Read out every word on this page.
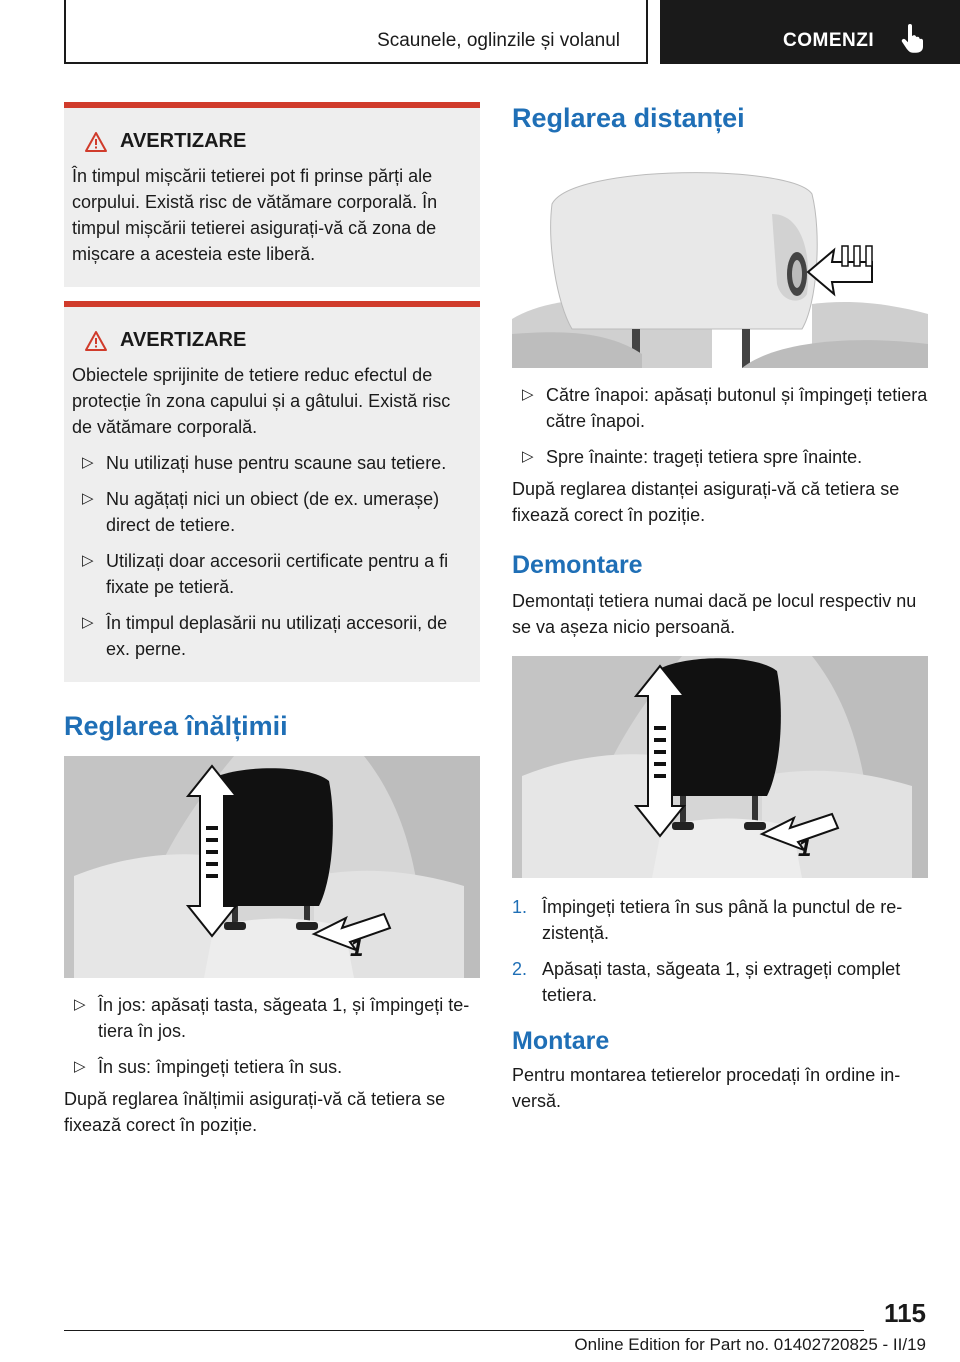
Scaunele, oglinzile și volanul	COMENZI
AVERTIZARE

În timpul mișcării tetierei pot fi prinse părți ale corpului. Există risc de vătămare corporală. În timpul mișcării tetierei asigurați-vă că zona de mișcare a acesteia este liberă.

AVERTIZARE

Obiectele sprijinite de tetiere reduc efectul de protecție în zona capului și a gâtului. Există risc de vătămare corporală.

▷ Nu utilizați huse pentru scaune sau tetiere.
▷ Nu agățați nici un obiect (de ex. umerașe) direct de tetiere.
▷ Utilizați doar accesorii certificate pentru a fi fixate pe tetieră.
▷ În timpul deplasării nu utilizați accesorii, de ex. perne.
Reglarea înălțimii
1
▷ În jos: apăsați tasta, săgeata 1, și împingeți tetiera în jos.
▷ În sus: împingeți tetiera în sus.

După reglarea înălțimii asigurați-vă că tetiera se fixează corect în poziție.

Reglarea distanței
▷ Către înapoi: apăsați butonul și împingeți tetiera către înapoi.
▷ Spre înainte: trageți tetiera spre înainte.

După reglarea distanței asigurați-vă că tetiera se fixează corect în poziție.

Demontare

Demontați tetiera numai dacă pe locul respectiv nu se va așeza nicio persoană.

1
1. Împingeți tetiera în sus până la punctul de rezistență.
2. Apăsați tasta, săgeata 1, și extrageți complet tetiera.
Montare

Pentru montarea tetierelor procedați în ordine inversă.

115
Online Edition for Part no. 01402720825 - II/19
